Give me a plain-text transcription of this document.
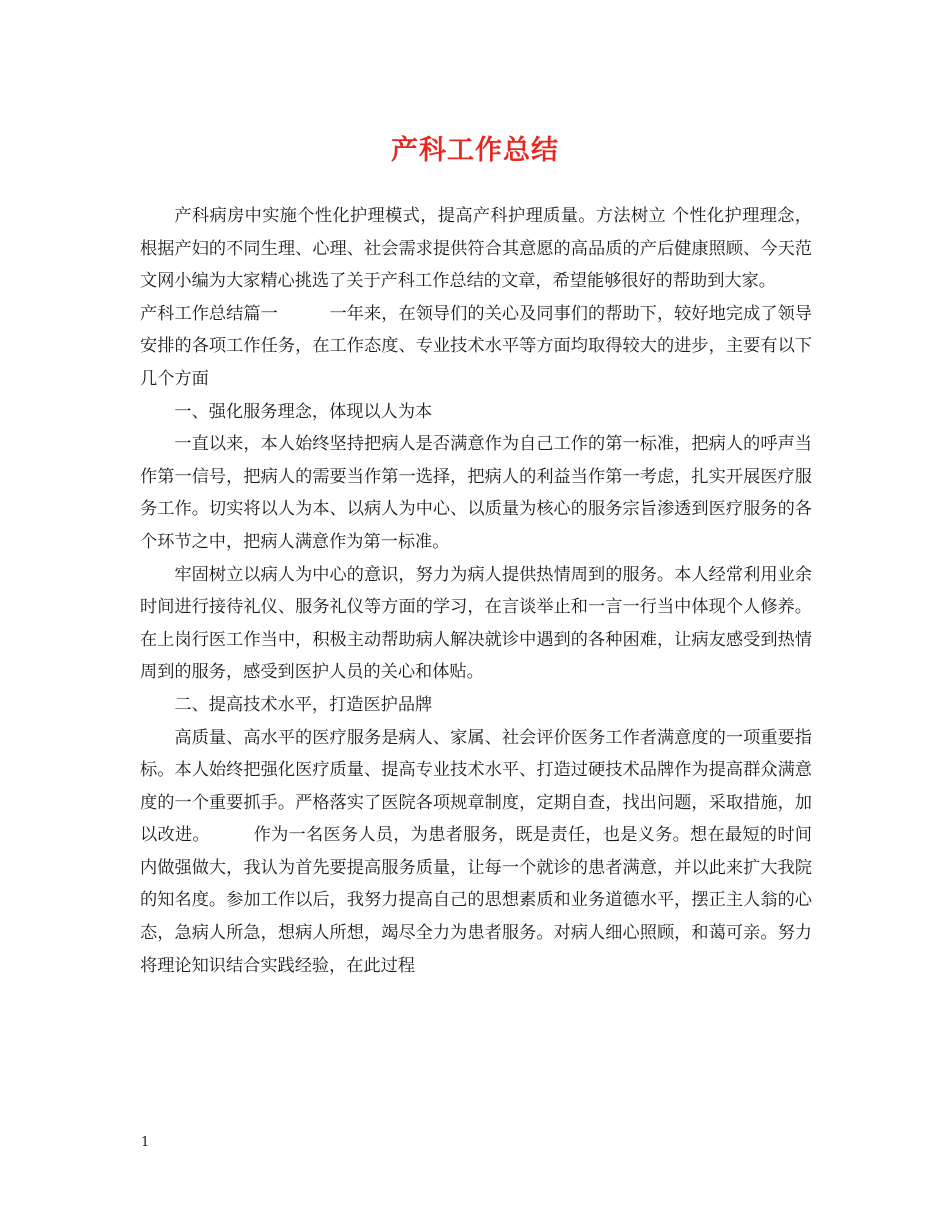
产科工作总结

产科病房中实施个性化护理模式，提高产科护理质量。方法树立 个性化护理理念，根据产妇的不同生理、心理、社会需求提供符合其意愿的高品质的产后健康照顾、今天范文网小编为大家精心挑选了关于产科工作总结的文章，希望能够很好的帮助到大家。

产科工作总结篇一　　　一年来，在领导们的关心及同事们的帮助下，较好地完成了领导安排的各项工作任务，在工作态度、专业技术水平等方面均取得较大的进步，主要有以下几个方面

一、强化服务理念，体现以人为本

一直以来，本人始终坚持把病人是否满意作为自己工作的第一标准，把病人的呼声当作第一信号，把病人的需要当作第一选择，把病人的利益当作第一考虑，扎实开展医疗服务工作。切实将以人为本、以病人为中心、以质量为核心的服务宗旨渗透到医疗服务的各个环节之中，把病人满意作为第一标准。

牢固树立以病人为中心的意识，努力为病人提供热情周到的服务。本人经常利用业余时间进行接待礼仪、服务礼仪等方面的学习，在言谈举止和一言一行当中体现个人修养。在上岗行医工作当中，积极主动帮助病人解决就诊中遇到的各种困难，让病友感受到热情周到的服务，感受到医护人员的关心和体贴。

二、提高技术水平，打造医护品牌

高质量、高水平的医疗服务是病人、家属、社会评价医务工作者满意度的一项重要指标。本人始终把强化医疗质量、提高专业技术水平、打造过硬技术品牌作为提高群众满意度的一个重要抓手。严格落实了医院各项规章制度，定期自查，找出问题，采取措施，加以改进。　　　作为一名医务人员，为患者服务，既是责任，也是义务。想在最短的时间内做强做大，我认为首先要提高服务质量，让每一个就诊的患者满意，并以此来扩大我院的知名度。参加工作以后，我努力提高自己的思想素质和业务道德水平，摆正主人翁的心态，急病人所急，想病人所想，竭尽全力为患者服务。对病人细心照顾，和蔼可亲。努力将理论知识结合实践经验，在此过程

1
